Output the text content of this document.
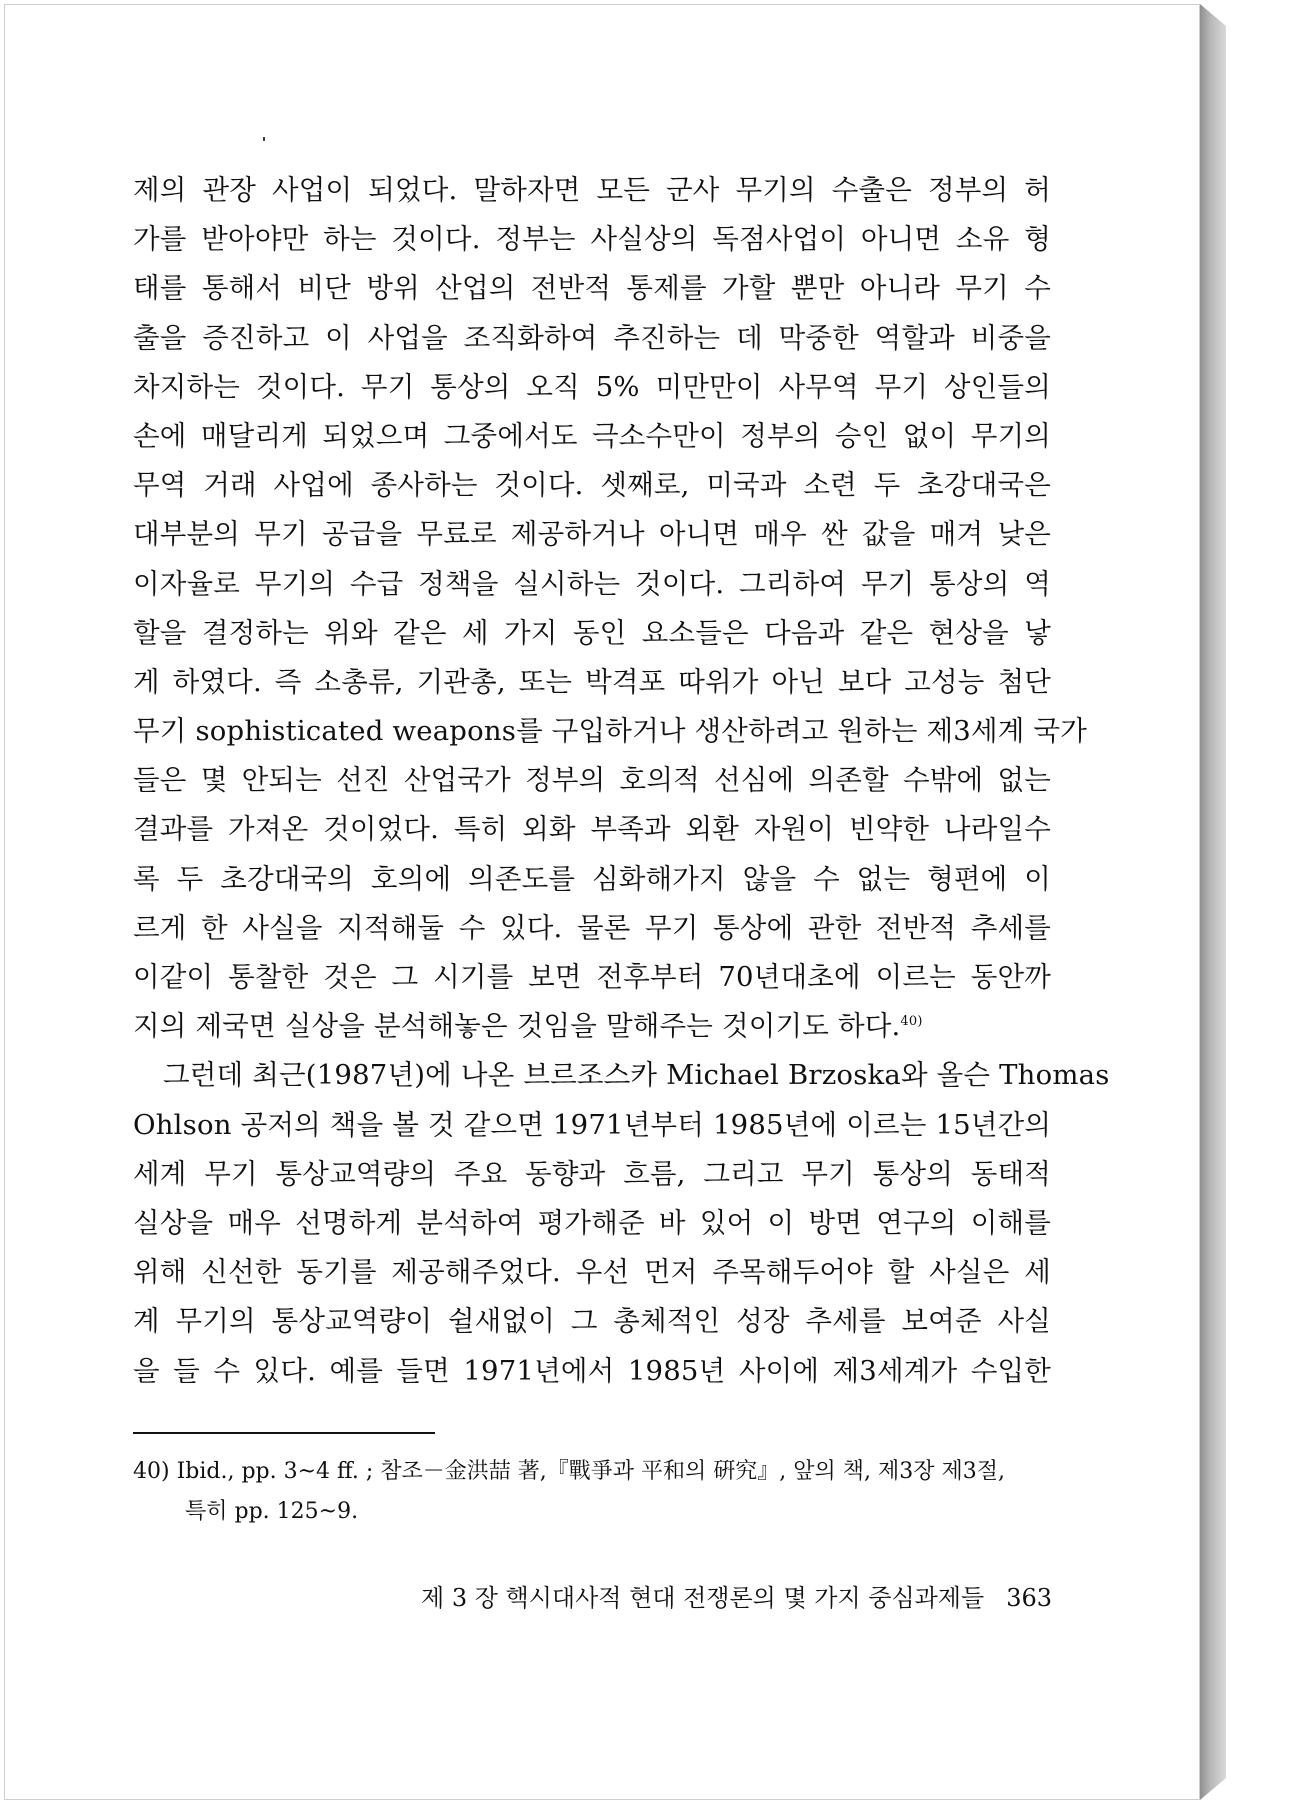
제의 관장 사업이 되었다. 말하자면 모든 군사 무기의 수출은 정부의 허
가를 받아야만 하는 것이다. 정부는 사실상의 독점사업이 아니면 소유 형
태를 통해서 비단 방위 산업의 전반적 통제를 가할 뿐만 아니라 무기 수
출을 증진하고 이 사업을 조직화하여 추진하는 데 막중한 역할과 비중을
차지하는 것이다. 무기 통상의 오직 5% 미만만이 사무역 무기 상인들의
손에 매달리게 되었으며 그중에서도 극소수만이 정부의 승인 없이 무기의
무역 거래 사업에 종사하는 것이다. 셋째로, 미국과 소련 두 초강대국은
대부분의 무기 공급을 무료로 제공하거나 아니면 매우 싼 값을 매겨 낮은
이자율로 무기의 수급 정책을 실시하는 것이다. 그리하여 무기 통상의 역
할을 결정하는 위와 같은 세 가지 동인 요소들은 다음과 같은 현상을 낳
게 하였다. 즉 소총류, 기관총, 또는 박격포 따위가 아닌 보다 고성능 첨단
무기 sophisticated weapons를 구입하거나 생산하려고 원하는 제3세계 국가
들은 몇 안되는 선진 산업국가 정부의 호의적 선심에 의존할 수밖에 없는
결과를 가져온 것이었다. 특히 외화 부족과 외환 자원이 빈약한 나라일수
록 두 초강대국의 호의에 의존도를 심화해가지 않을 수 없는 형편에 이
르게 한 사실을 지적해둘 수 있다. 물론 무기 통상에 관한 전반적 추세를
이같이 통찰한 것은 그 시기를 보면 전후부터 70년대초에 이르는 동안까
지의 제국면 실상을 분석해놓은 것임을 말해주는 것이기도 하다.$^{40)}$
그런데 최근(1987년)에 나온 브르조스카 Michael Brzoska와 올슨 Thomas
Ohlson 공저의 책을 볼 것 같으면 1971년부터 1985년에 이르는 15년간의
세계 무기 통상교역량의 주요 동향과 흐름, 그리고 무기 통상의 동태적
실상을 매우 선명하게 분석하여 평가해준 바 있어 이 방면 연구의 이해를
위해 신선한 동기를 제공해주었다. 우선 먼저 주목해두어야 할 사실은 세
계 무기의 통상교역량이 쉴새없이 그 총체적인 성장 추세를 보여준 사실
을 들 수 있다. 예를 들면 1971년에서 1985년 사이에 제3세계가 수입한
40) Ibid., pp. 3~4 ff. ; 참조－金洪喆 著,『戰爭과 平和의 硏究』, 앞의 책, 제3장 제3절,
특히 pp. 125~9.
제 3 장 핵시대사적 현대 전쟁론의 몇 가지 중심과제들 363
